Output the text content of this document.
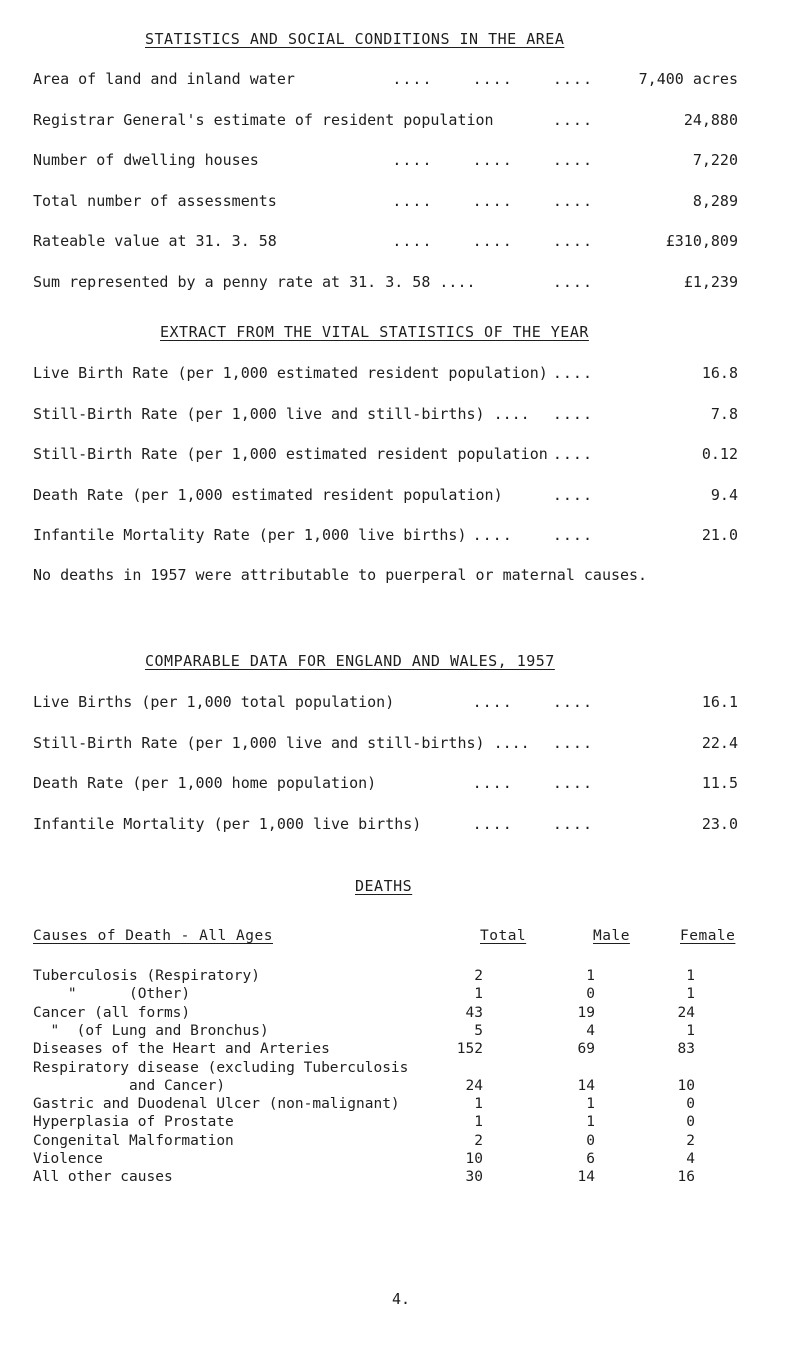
STATISTICS AND SOCIAL CONDITIONS IN THE AREA
Area of land and inland water	....    ....    ....	7,400 acres
Registrar General's estimate of resident population	....	24,880
Number of dwelling houses	....    ....    ....	7,220
Total number of assessments	....    ....    ....	8,289
Rateable value at 31. 3. 58	....    ....    ....	£310,809
Sum represented by a penny rate at 31. 3. 58 ....	....	£1,239
EXTRACT FROM THE VITAL STATISTICS OF THE YEAR
Live Birth Rate (per 1,000 estimated resident population) ....	16.8
Still-Birth Rate (per 1,000 live and still-births) .... ....	7.8
Still-Birth Rate (per 1,000 estimated resident population ....	0.12
Death Rate (per 1,000 estimated resident population)	....	9.4
Infantile Mortality Rate (per 1,000 live births) ....    ....	21.0
No deaths in 1957 were attributable to puerperal or maternal causes.
COMPARABLE DATA FOR ENGLAND AND WALES, 1957
Live Births (per 1,000 total population)	....    ....	16.1
Still-Birth Rate (per 1,000 live and still-births) .... ....	22.4
Death Rate (per 1,000 home population)	....    ....	11.5
Infantile Mortality (per 1,000 live births)	....    ....	23.0
DEATHS
Causes of Death - All Ages	Total	Male	Female
Tuberculosis (Respiratory)	2	1	1
"      (Other)	1	0	1
Cancer (all forms)	43	19	24
"  (of Lung and Bronchus)	5	4	1
Diseases of the Heart and Arteries	152	69	83
Respiratory disease (excluding Tuberculosis
and Cancer)	24	14	10
Gastric and Duodenal Ulcer (non-malignant)	1	1	0
Hyperplasia of Prostate	1	1	0
Congenital Malformation	2	0	2
Violence	10	6	4
All other causes	30	14	16
4.
